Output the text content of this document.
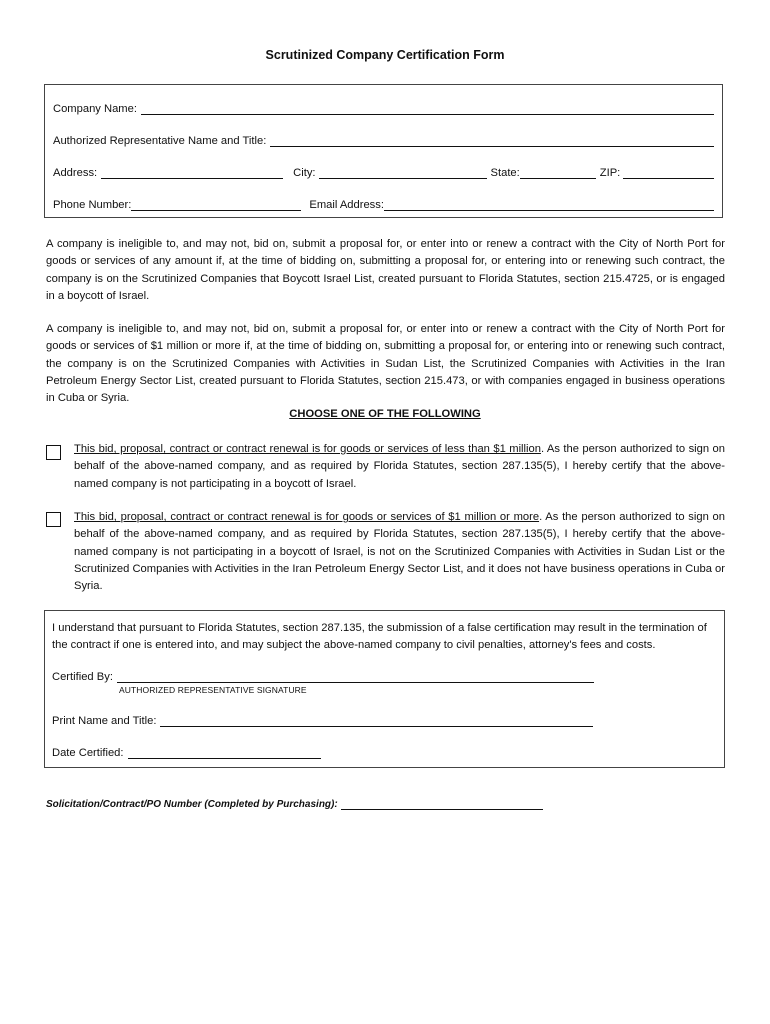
Scrutinized Company Certification Form
Company Name:
Authorized Representative Name and Title:
Address:	City:	State:	ZIP:
Phone Number:	Email Address:

A company is ineligible to, and may not, bid on, submit a proposal for, or enter into or renew a contract with the City of North Port for goods or services of any amount if, at the time of bidding on, submitting a proposal for, or entering into or renewing such contract, the company is on the Scrutinized Companies that Boycott Israel List, created pursuant to Florida Statutes, section 215.4725, or is engaged in a boycott of Israel.

A company is ineligible to, and may not, bid on, submit a proposal for, or enter into or renew a contract with the City of North Port for goods or services of $1 million or more if, at the time of bidding on, submitting a proposal for, or entering into or renewing such contract, the company is on the Scrutinized Companies with Activities in Sudan List, the Scrutinized Companies with Activities in the Iran Petroleum Energy Sector List, created pursuant to Florida Statutes, section 215.473, or with companies engaged in business operations in Cuba or Syria.

CHOOSE ONE OF THE FOLLOWING
This bid, proposal, contract or contract renewal is for goods or services of less than $1 million. As the person authorized to sign on behalf of the above-named company, and as required by Florida Statutes, section 287.135(5), I hereby certify that the above-named company is not participating in a boycott of Israel.
This bid, proposal, contract or contract renewal is for goods or services of $1 million or more. As the person authorized to sign on behalf of the above-named company, and as required by Florida Statutes, section 287.135(5), I hereby certify that the above-named company is not participating in a boycott of Israel, is not on the Scrutinized Companies with Activities in Sudan List or the Scrutinized Companies with Activities in the Iran Petroleum Energy Sector List, and it does not have business operations in Cuba or Syria.
I understand that pursuant to Florida Statutes, section 287.135, the submission of a false certification may result in the termination of the contract if one is entered into, and may subject the above-named company to civil penalties, attorney's fees and costs.
Certified By:
AUTHORIZED REPRESENTATIVE SIGNATURE
Print Name and Title:
Date Certified:
Solicitation/Contract/PO Number (Completed by Purchasing):
